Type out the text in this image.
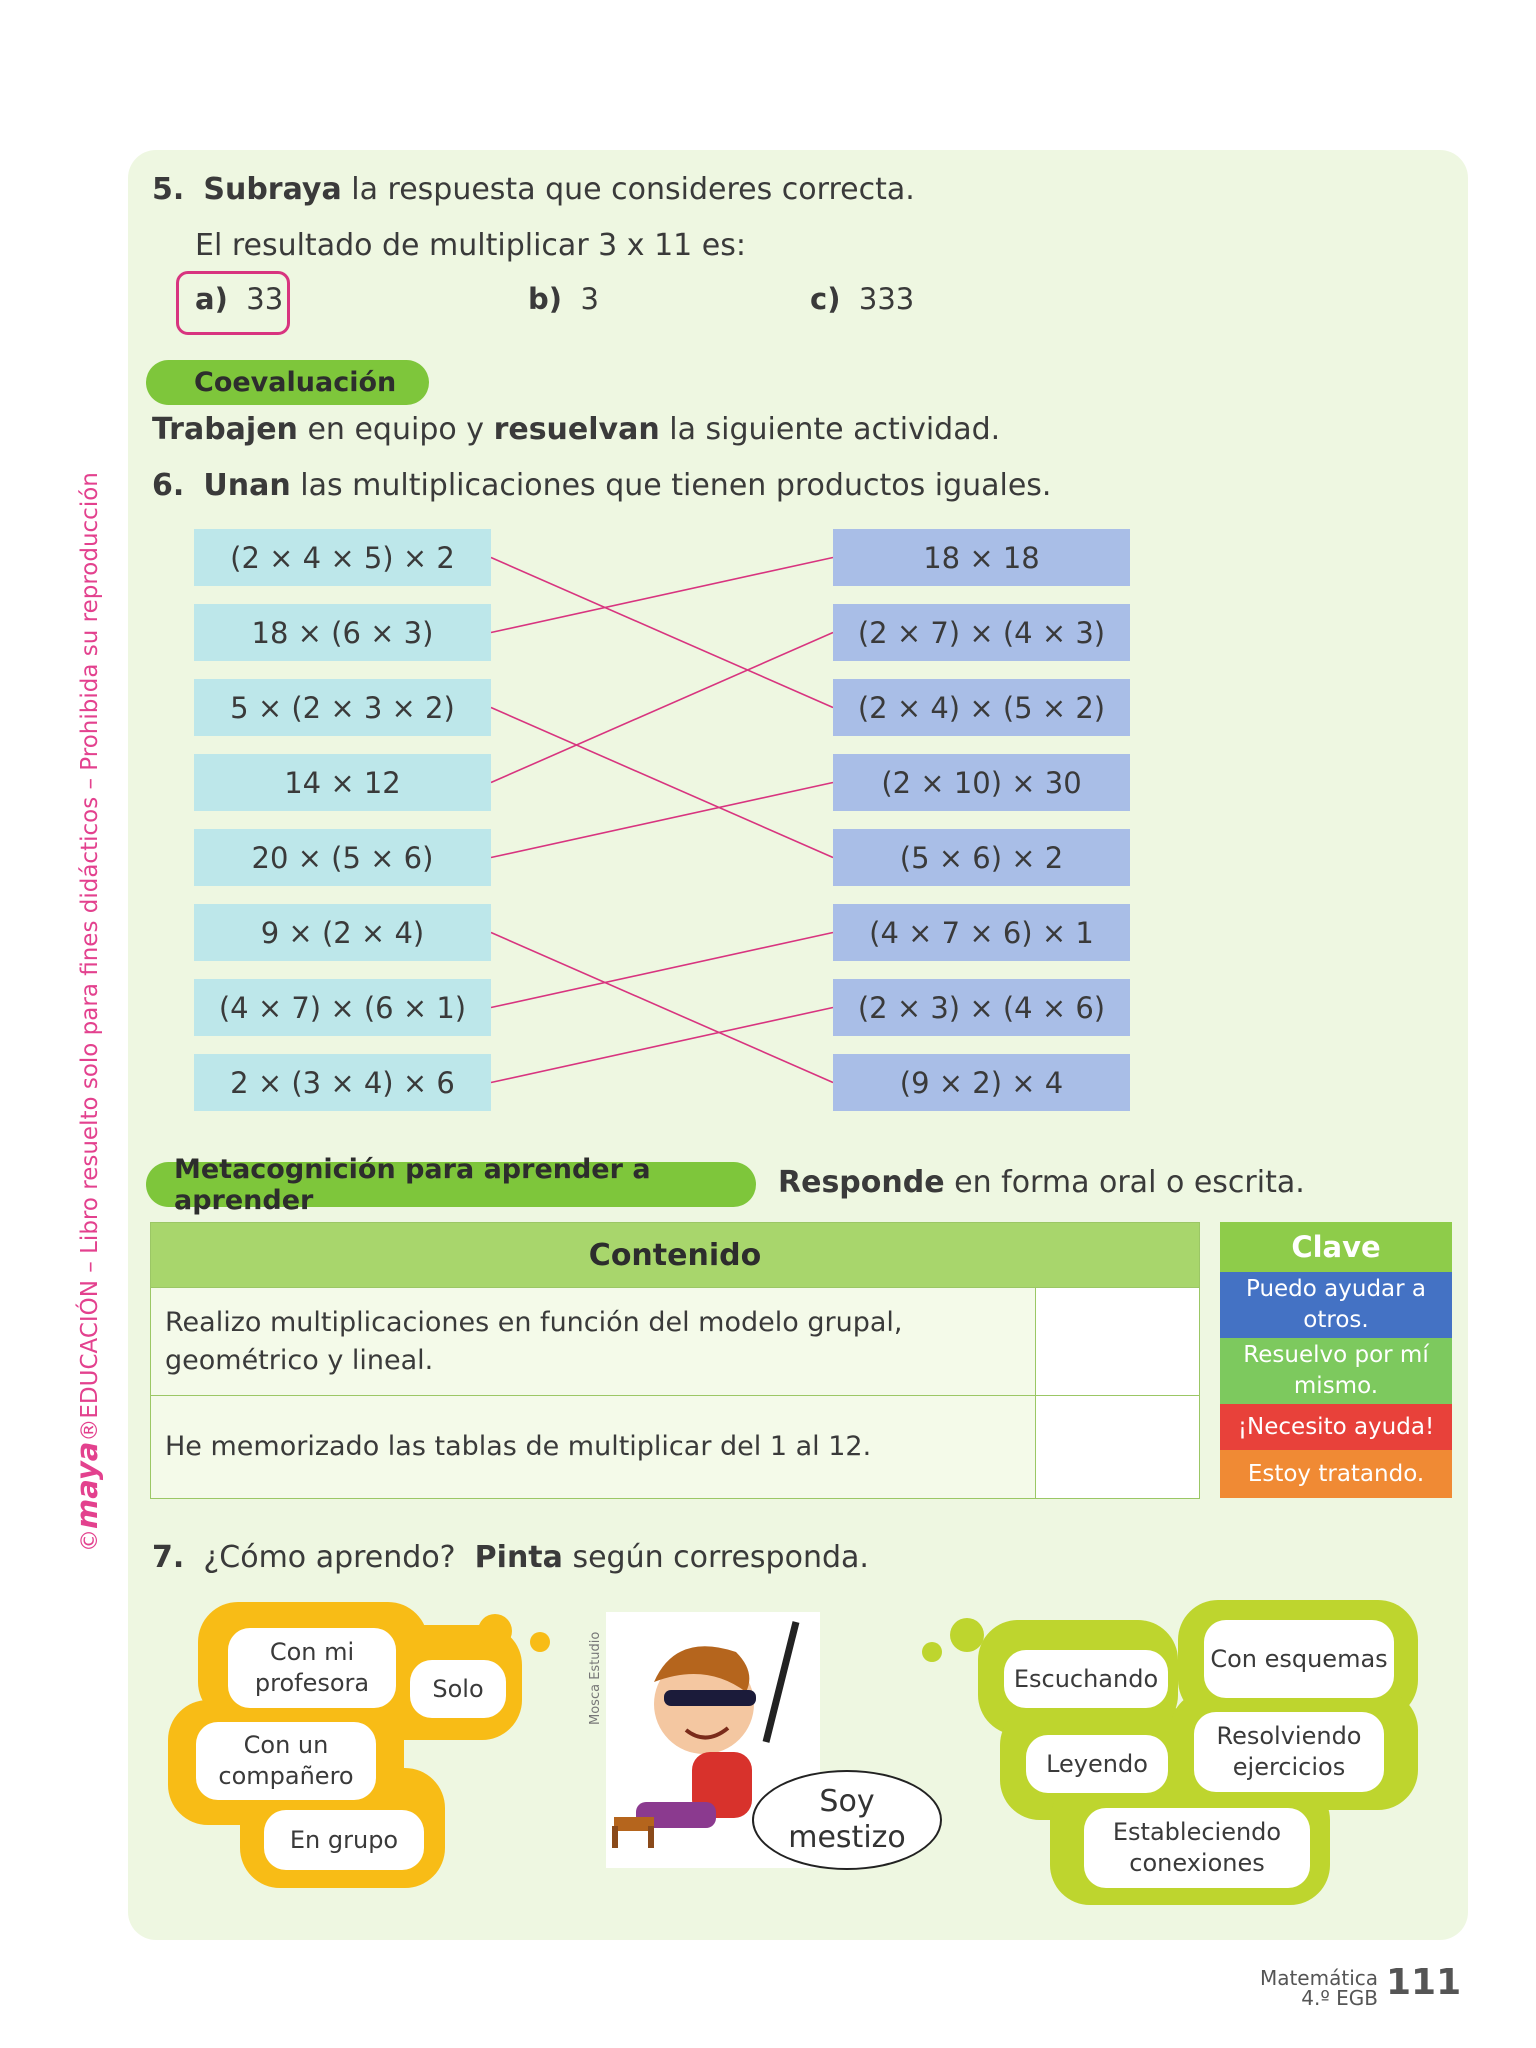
©maya®EDUCACIÓN – Libro resuelto solo para fines didácticos – Prohibida su reproducción
5. Subraya la respuesta que consideres correcta.
El resultado de multiplicar 3 x 11 es:
a) 33	b) 3	c) 333
Coevaluación
Trabajen en equipo y resuelvan la siguiente actividad.
6. Unan las multiplicaciones que tienen productos iguales.
(2 × 4 × 5) × 2
18 × (6 × 3)
5 × (2 × 3 × 2)
14 × 12
20 × (5 × 6)
9 × (2 × 4)
(4 × 7) × (6 × 1)
2 × (3 × 4) × 6
18 × 18
(2 × 7) × (4 × 3)
(2 × 4) × (5 × 2)
(2 × 10) × 30
(5 × 6) × 2
(4 × 7 × 6) × 1
(2 × 3) × (4 × 6)
(9 × 2) × 4
Metacognición para aprender a aprender	Responde en forma oral o escrita.
Contenido	
Realizo multiplicaciones en función del modelo grupal, geométrico y lineal.	
He memorizado las tablas de multiplicar del 1 al 12.	
Clave
Puedo ayudar a otros.
Resuelvo por mí mismo.
¡Necesito ayuda!
Estoy tratando.
7. ¿Cómo aprendo? Pinta según corresponda.
Con mi profesora	Solo
Con un compañero
En grupo
Mosca Estudio
Soy mestizo
Escuchando
Con esquemas
Leyendo
Resolviendo ejercicios
Estableciendo conexiones
Matemática
4.º EGB 111
